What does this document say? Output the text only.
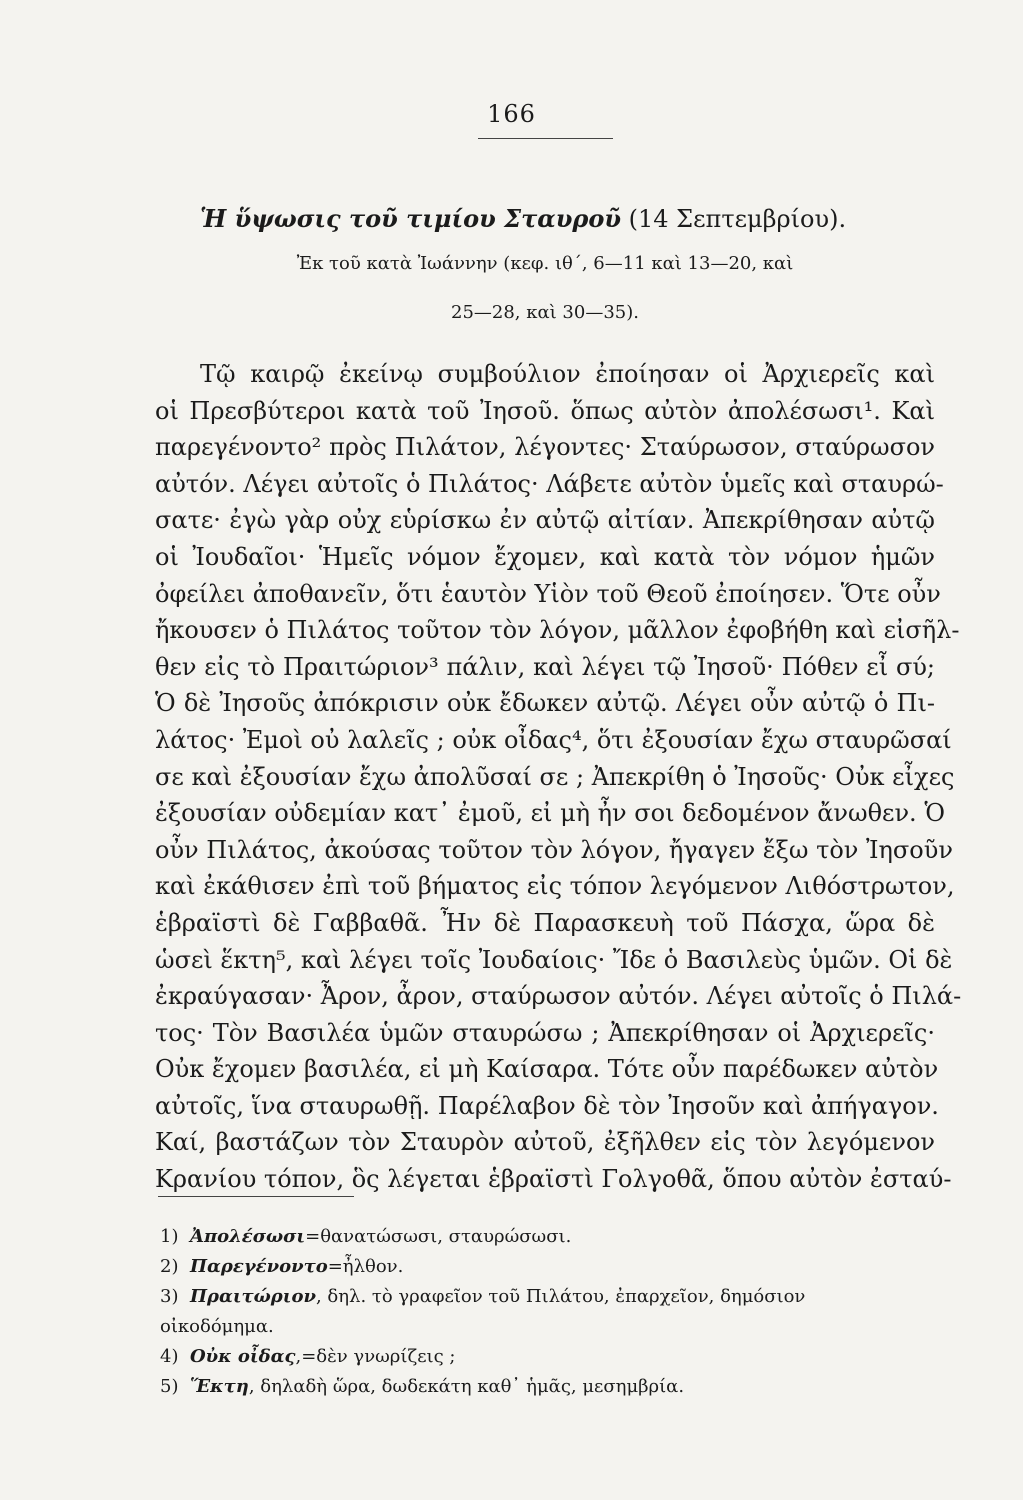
166
Ἡ ὕψωσις τοῦ τιμίου Σταυροῦ (14 Σεπτεμβρίου).
Ἐκ τοῦ κατὰ Ἰωάννην (κεφ. ιθ΄, 6—11 καὶ 13—20, καὶ
25—28, καὶ 30—35).
Τῷ καιρῷ ἐκείνῳ συμβούλιον ἐποίησαν οἱ Ἀρχιερεῖς καὶ
οἱ Πρεσβύτεροι κατὰ τοῦ Ἰησοῦ. ὅπως αὐτὸν ἀπολέσωσι¹. Καὶ
παρεγένοντο² πρὸς Πιλάτον, λέγοντες· Σταύρωσον, σταύρωσον
αὐτόν. Λέγει αὐτοῖς ὁ Πιλάτος· Λάβετε αὐτὸν ὑμεῖς καὶ σταυρώ-
σατε· ἐγὼ γὰρ οὐχ εὑρίσκω ἐν αὐτῷ αἰτίαν. Ἀπεκρίθησαν αὐτῷ
οἱ Ἰουδαῖοι· Ἡμεῖς νόμον ἔχομεν, καὶ κατὰ τὸν νόμον ἡμῶν
ὀφείλει ἀποθανεῖν, ὅτι ἑαυτὸν Υἱὸν τοῦ Θεοῦ ἐποίησεν. Ὅτε οὖν
ἤκουσεν ὁ Πιλάτος τοῦτον τὸν λόγον, μᾶλλον ἐφοβήθη καὶ εἰσῆλ-
θεν εἰς τὸ Πραιτώριον³ πάλιν, καὶ λέγει τῷ Ἰησοῦ· Πόθεν εἶ σύ;
Ὁ δὲ Ἰησοῦς ἀπόκρισιν οὐκ ἔδωκεν αὐτῷ. Λέγει οὖν αὐτῷ ὁ Πι-
λάτος· Ἐμοὶ οὐ λαλεῖς ; οὐκ οἶδας⁴, ὅτι ἐξουσίαν ἔχω σταυρῶσαί
σε καὶ ἐξουσίαν ἔχω ἀπολῦσαί σε ; Ἀπεκρίθη ὁ Ἰησοῦς· Οὐκ εἶχες
ἐξουσίαν οὐδεμίαν κατ᾽ ἐμοῦ, εἰ μὴ ἦν σοι δεδομένον ἄνωθεν. Ὁ
οὖν Πιλάτος, ἀκούσας τοῦτον τὸν λόγον, ἤγαγεν ἔξω τὸν Ἰησοῦν
καὶ ἐκάθισεν ἐπὶ τοῦ βήματος εἰς τόπον λεγόμενον Λιθόστρωτον,
ἑβραϊστὶ δὲ Γαββαθᾶ. Ἦν δὲ Παρασκευὴ τοῦ Πάσχα, ὥρα δὲ
ὡσεὶ ἕκτη⁵, καὶ λέγει τοῖς Ἰουδαίοις· Ἴδε ὁ Βασιλεὺς ὑμῶν. Οἱ δὲ
ἐκραύγασαν· Ἆρον, ἆρον, σταύρωσον αὐτόν. Λέγει αὐτοῖς ὁ Πιλά-
τος· Τὸν Βασιλέα ὑμῶν σταυρώσω ; Ἀπεκρίθησαν οἱ Ἀρχιερεῖς·
Οὐκ ἔχομεν βασιλέα, εἰ μὴ Καίσαρα. Τότε οὖν παρέδωκεν αὐτὸν
αὐτοῖς, ἵνα σταυρωθῇ. Παρέλαβον δὲ τὸν Ἰησοῦν καὶ ἀπήγαγον.
Καί, βαστάζων τὸν Σταυρὸν αὐτοῦ, ἐξῆλθεν εἰς τὸν λεγόμενον
Κρανίου τόπον, ὃς λέγεται ἑβραϊστὶ Γολγοθᾶ, ὅπου αὐτὸν ἐσταύ-
1) Ἀπολέσωσι=θανατώσωσι, σταυρώσωσι.
2) Παρεγένοντο=ἦλθον.
3) Πραιτώριον, δηλ. τὸ γραφεῖον τοῦ Πιλάτου, ἐπαρχεῖον, δημόσιον
οἰκοδόμημα.
4) Οὐκ οἶδας,=δὲν γνωρίζεις ;
5) Ἕκτη, δηλαδὴ ὥρα, δωδεκάτη καθ᾽ ἡμᾶς, μεσημβρία.
